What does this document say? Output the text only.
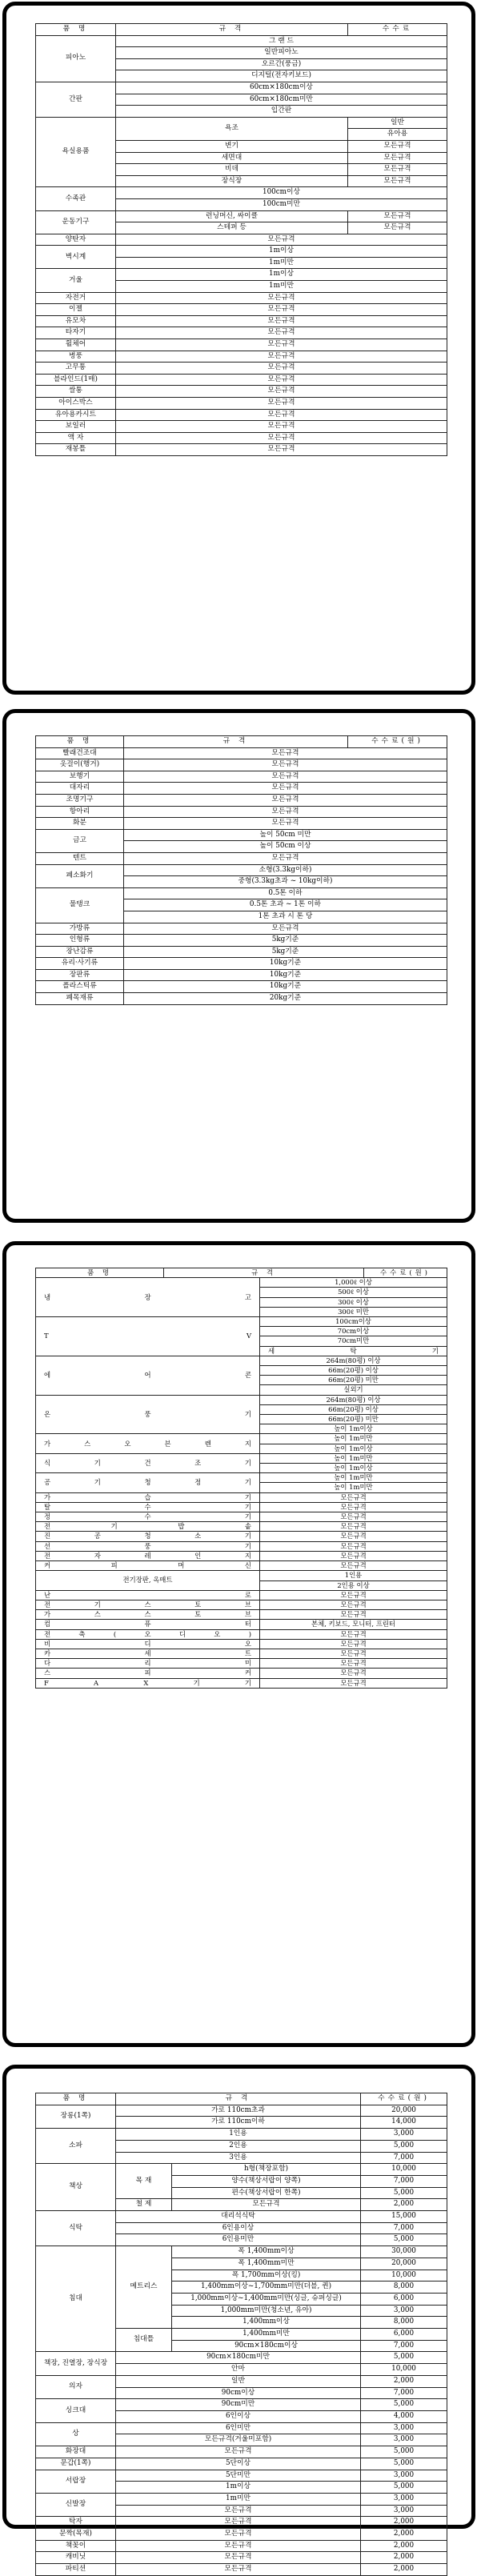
품 명	규 격	수수료	
피아노	그 랜 드	
	일반피아노	
	오르간(풍금)	
	디지털(전자키보드)	
간판	60cm×180cm이상	
	60cm×180cm미만	
	입간판	
욕실용품	욕조	일반	
		유아용	
	변기	모든규격	
	세면대	모든규격	
	비데	모든규격	
	장식장	모든규격	
수족관	100cm이상	
	100cm미만	
운동기구	런닝머신, 싸이클	모든규격	
	스테퍼 등	모든규격	
양탄자	모든규격	
벽시계	1m이상	
	1m미만	
거울	1m이상	
	1m미만	
자전거	모든규격	
이젤	모든규격	
유모차	모든규격	
타자기	모든규격	
휠체어	모든규격	
병풍	모든규격	
고무통	모든규격	
블라인드(1매)	모든규격	
쌀통	모든규격	
아이스박스	모든규격	
유아용카시트	모든규격	
보일러	모든규격	
액 자	모든규격	
재봉틀	모든규격	
품 명	규 격	수수료(원)	
빨래건조대	모든규격	
옷걸이(행거)	모든규격	
보행기	모든규격	
대자리	모든규격	
조명기구	모든규격	
항아리	모든규격	
화분	모든규격	
금고	높이 50cm 미만	
	높이 50cm 이상	
텐트	모든규격	
폐소화기	소형(3.3kg이하)	
	중형(3.3kg초과 ~ 10kg이하)	
물탱크	0.5톤 이하	
	0.5톤 초과 ~ 1톤 이하	
	1톤 초과 시 톤 당	
가방류	모든규격	
인형류	5kg기준	
장난감류	5kg기준	
유리·사기류	10kg기준	
장판류	10kg기준	
플라스틱류	10kg기준	
폐목재류	20kg기준	
품 명	규 격		수수료(원)	
냉 장 고		1,000ℓ 이상	
		500ℓ 이상	
		300ℓ 이상	
		300ℓ 미만	
T V		100cm이상	
		70cm이상	
		70cm미만	
		세 탁 기		
에 어 콘		264m(80평) 이상	
		66m(20평) 이상	
		66m(20평) 미만	
		실외기	
온 풍 기		264m(80평) 이상	
		66m(20평) 이상	
		66m(20평) 미만	
		높이 1m이상	
가 스 오 븐 렌 지		높이 1m미만	
		높이 1m이상	
식 기 건 조 기		높이 1m미만	
		높이 1m이상	
공 기 청 정 기		높이 1m미만	
		높이 1m미만	
가 습 기		모든규격	
탈 수 기		모든규격	
정 수 기		모든규격	
전 기 밥 솥		모든규격	
진 공 청 소 기		모든규격	
선 풍 기		모든규격	
전 자 레 인 지		모든규격	
커 피 머 신		모든규격	
전기장판, 옥매트		1인용	
		2인용 이상	
난 로		모든규격	
전 기 스 토 브		모든규격	
가 스 스 토 브		모든규격	
컴 퓨 터		본체, 키보드, 모니터, 프린터	
전 축 ( 오 디 오 )		모든규격	
비 디 오		모든규격	
카 세 트		모든규격	
다 리 미		모든규격	
스 피 커		모든규격	
F A X 기 기		모든규격	
품 명	규 격		수수료(원)
장롱(1쪽)	가로 110cm초과		20,000
	가로 110cm이하		14,000
소파	1인용		3,000
	2인용		5,000
	3인용		7,000
책상	목 재	h형(책장포함)	10,000
		양수(책상서랍이 양쪽)	7,000
		편수(책상서랍이 한쪽)	5,000
	철 제	모든규격	2,000
식탁	대리석식탁		15,000
	6인용이상		7,000
	6인용미만		5,000
침대	메트리스	폭 1,400mm이상	30,000
		폭 1,400mm미만	20,000
		폭 1,700mm이상(킹)	10,000
		1,400mm이상~1,700mm미만(더블, 퀸)	8,000
		1,000mm이상~1,400mm미만(싱글, 슈퍼싱글)	6,000
		1,000mm미만(청소년, 유아)	3,000
		1,400mm이상	8,000
	침대틀	1,400mm미만	6,000
		90cm×180cm이상	7,000
책장, 진열장, 장식장	90cm×180cm미만		5,000
	안마		10,000
의자	일반		2,000
	90cm이상		7,000
싱크대	90cm미만		5,000
	6인이상		4,000
상	6인미만		3,000
	모든규격(거울미포함)		3,000
화장대	모든규격		5,000
문갑(1쪽)	5단이상		5,000
서랍장	5단미만		3,000
	1m이상		5,000
신발장	1m미만		3,000
	모든규격		3,000
탁자	모든규격		2,000
문짝(목재)	모든규격		2,000
책꽂이	모든규격		2,000
캐비닛	모든규격		2,000
파티션	모든규격		2,000
